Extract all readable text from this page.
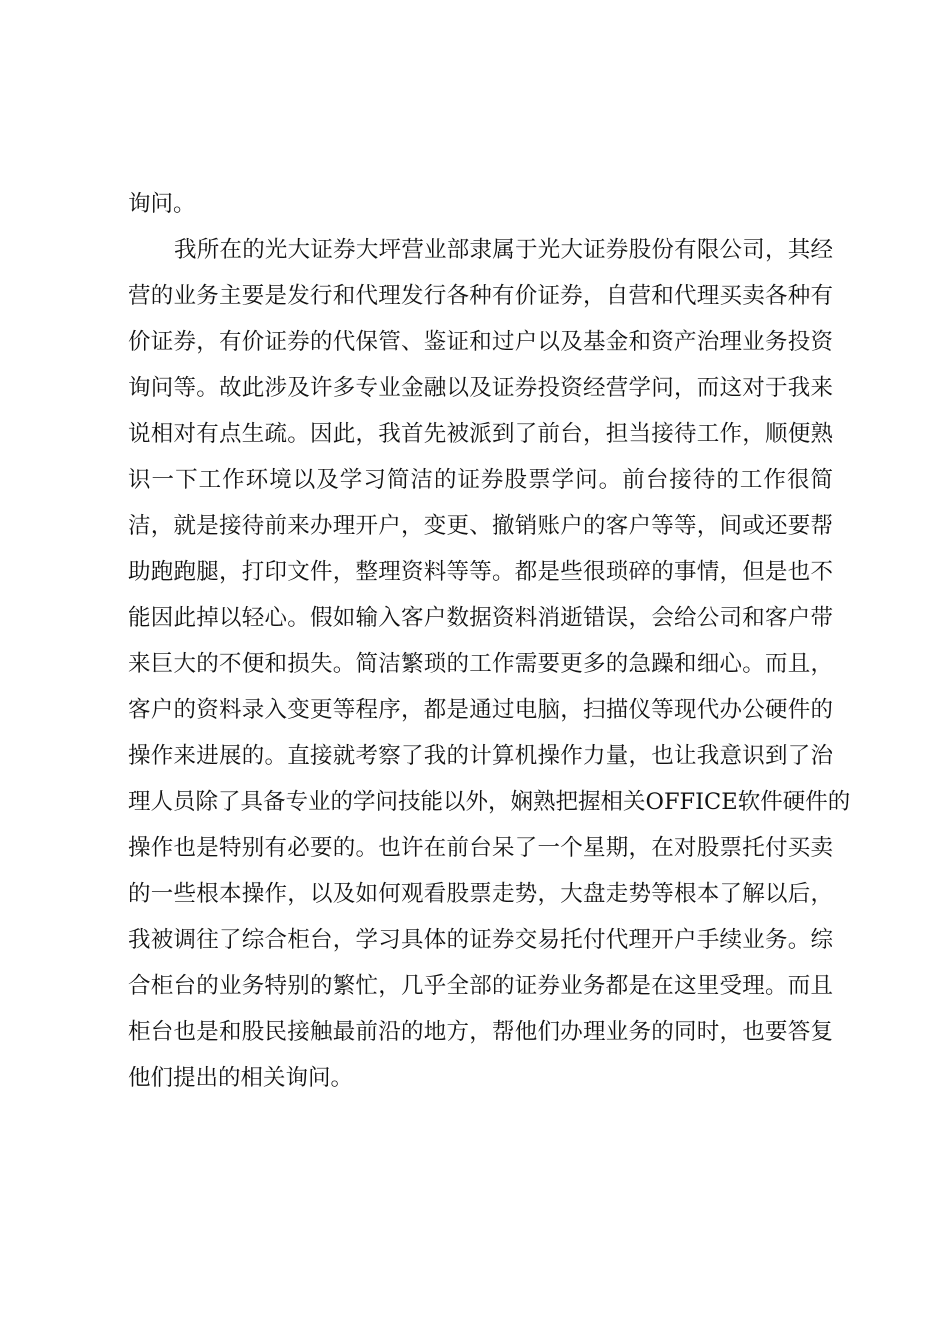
询问。
我所在的光大证券大坪营业部隶属于光大证券股份有限公司，其经
营的业务主要是发行和代理发行各种有价证券，自营和代理买卖各种有
价证券，有价证券的代保管、鉴证和过户以及基金和资产治理业务投资
询问等。故此涉及许多专业金融以及证券投资经营学问，而这对于我来
说相对有点生疏。因此，我首先被派到了前台，担当接待工作，顺便熟
识一下工作环境以及学习简洁的证券股票学问。前台接待的工作很简
洁，就是接待前来办理开户，变更、撤销账户的客户等等，间或还要帮
助跑跑腿，打印文件，整理资料等等。都是些很琐碎的事情，但是也不
能因此掉以轻心。假如输入客户数据资料消逝错误，会给公司和客户带
来巨大的不便和损失。简洁繁琐的工作需要更多的急躁和细心。而且，
客户的资料录入变更等程序，都是通过电脑，扫描仪等现代办公硬件的
操作来进展的。直接就考察了我的计算机操作力量，也让我意识到了治
理人员除了具备专业的学问技能以外，娴熟把握相关OFFICE软件硬件的
操作也是特别有必要的。也许在前台呆了一个星期，在对股票托付买卖
的一些根本操作，以及如何观看股票走势，大盘走势等根本了解以后，
我被调往了综合柜台，学习具体的证券交易托付代理开户手续业务。综
合柜台的业务特别的繁忙，几乎全部的证券业务都是在这里受理。而且
柜台也是和股民接触最前沿的地方，帮他们办理业务的同时，也要答复
他们提出的相关询问。
